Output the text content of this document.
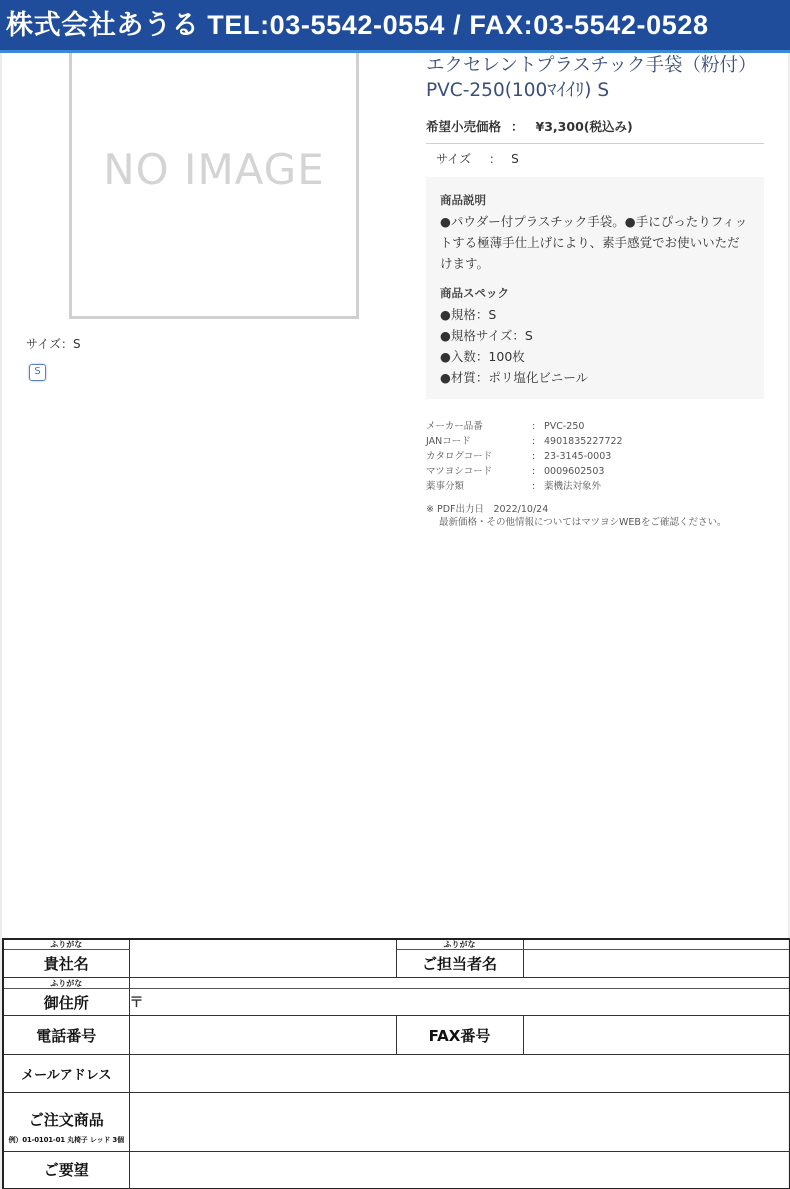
NO IMAGE
株式会社あうる TEL:03-5542-0554 / FAX:03-5542-0528
サイズ：S
S
エクセレントプラスチック手袋（粉付）
PVC-250(100ﾏｲｲﾘ) S
希望小売価格 ： ¥3,300(税込み)
サイズ ： S
商品説明
●パウダー付プラスチック手袋。●手にぴったりフィットする極薄手仕上げにより、素手感覚でお使いいただけます。
商品スペック
●規格：S
●規格サイズ：S
●入数：100枚
●材質：ポリ塩化ビニール
メーカー品番	: PVC-250
JANコード	: 4901835227722
カタログコード	: 23-3145-0003
マツヨシコード	: 0009602503
薬事分類	: 薬機法対象外
※ PDF出力日　2022/10/24
最新価格・その他情報についてはマツヨシWEBをご確認ください。
ふりがな		ふりがな	
貴社名		ご担当者名	
ふりがな			
御住所	〒		
電話番号		FAX番号	
メールアドレス			

ご注文商品
例）01-0101-01 丸椅子 レッド 3個			

ご要望			
